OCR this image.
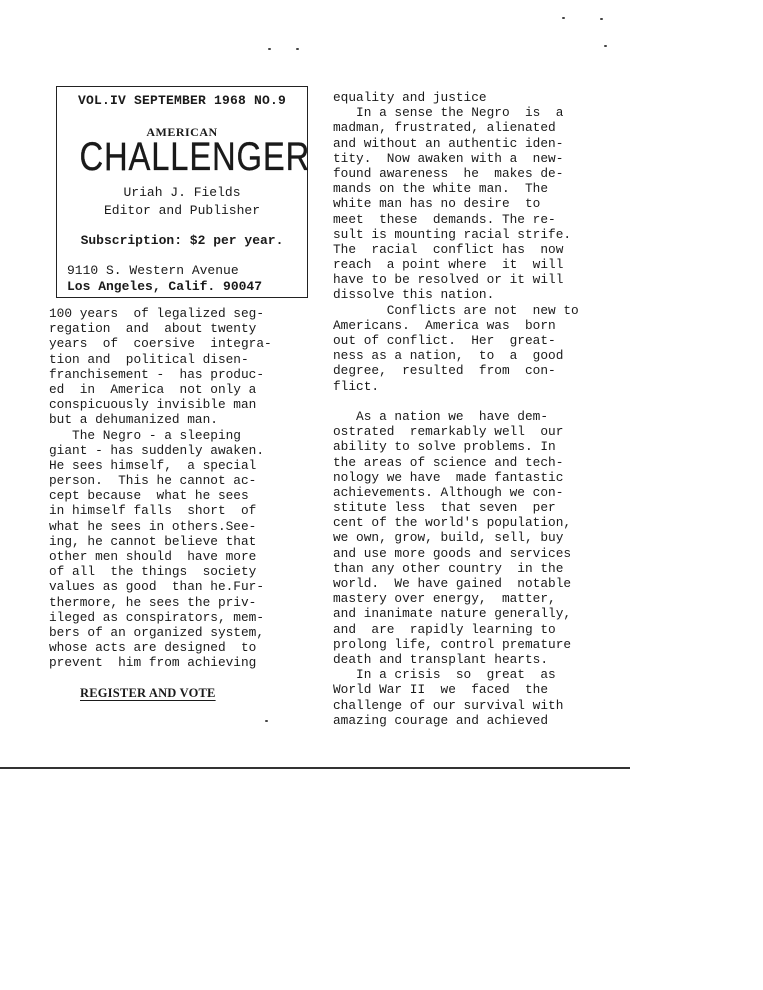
VOL.IV SEPTEMBER 1968 NO.9
AMERICAN
CHALLENGER
Uriah J. Fields
Editor and Publisher
Subscription: $2 per year.
9110 S. Western Avenue
Los Angeles, Calif. 90047
100 years  of legalized seg-
regation  and  about twenty
years  of  coersive  integra-
tion and  political disen-
franchisement -  has produc-
ed  in  America  not only a
conspicuously invisible man
but a dehumanized man.
The Negro - a sleeping
giant - has suddenly awaken.
He sees himself,  a special
person.  This he cannot ac-
cept because  what he sees
in himself falls  short  of
what he sees in others.See-
ing, he cannot believe that
other men should  have more
of all  the things  society
values as good  than he.Fur-
thermore, he sees the priv-
ileged as conspirators, mem-
bers of an organized system,
whose acts are designed  to
prevent  him from achieving
REGISTER AND VOTE
equality and justice
In a sense the Negro  is  a
madman, frustrated, alienated
and without an authentic iden-
tity.  Now awaken with a  new-
found awareness  he  makes de-
mands on the white man.  The
white man has no desire  to
meet  these  demands. The re-
sult is mounting racial strife.
The  racial  conflict has  now
reach  a point where  it  will
have to be resolved or it will
dissolve this nation.
Conflicts are not  new to
Americans.  America was  born
out of conflict.  Her  great-
ness as a nation,  to  a  good
degree,  resulted  from  con-
flict.
As a nation we  have dem-
ostrated  remarkably well  our
ability to solve problems. In
the areas of science and tech-
nology we have  made fantastic
achievements. Although we con-
stitute less  that seven  per
cent of the world's population,
we own, grow, build, sell, buy
and use more goods and services
than any other country  in the
world.  We have gained  notable
mastery over energy,  matter,
and inanimate nature generally,
and  are  rapidly learning to
prolong life, control premature
death and transplant hearts.
In a crisis  so  great  as
World War II  we  faced  the
challenge of our survival with
amazing courage and achieved
